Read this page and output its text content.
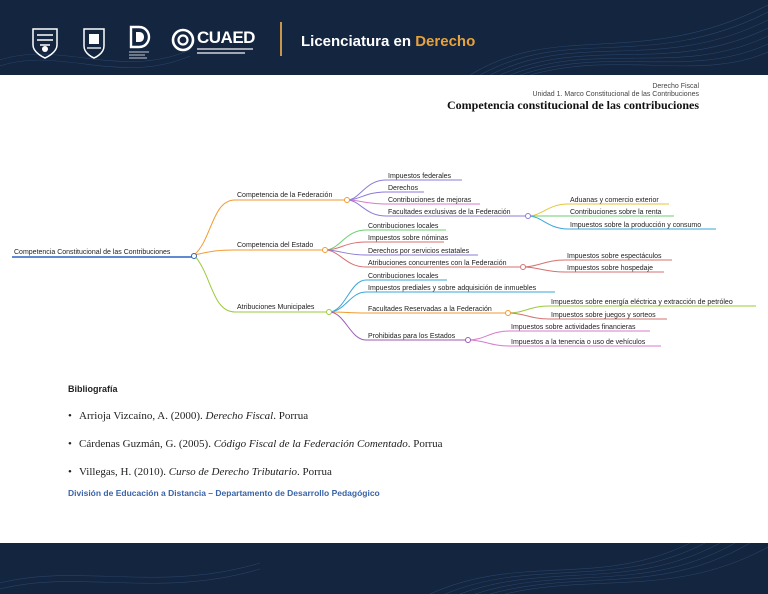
CUAED	Licenciatura en Derecho
Derecho Fiscal
Unidad 1. Marco Constitucional de las Contribuciones
Competencia constitucional de las contribuciones
Competencia Constitucional de las Contribuciones
Competencia de la Federación
Competencia del Estado
Atribuciones Municipales
Impuestos federales
Derechos
Contribuciones de mejoras
Facultades exclusivas de la Federación
Aduanas y comercio exterior
Contribuciones sobre la renta
Impuestos sobre la producción y consumo
Contribuciones locales
Impuestos sobre nóminas
Derechos por servicios estatales
Atribuciones concurrentes con la Federación
Impuestos sobre espectáculos
Impuestos sobre hospedaje
Contribuciones locales
Impuestos prediales y sobre adquisición de inmuebles
Facultades Reservadas a la Federación
Prohibidas para los Estados
Impuestos sobre energía eléctrica y extracción de petróleo
Impuestos sobre juegos y sorteos
Impuestos sobre actividades financieras
Impuestos a la tenencia o uso de vehículos
Bibliografía
• Arrioja Vizcaíno, A. (2000). Derecho Fiscal. Porrua
• Cárdenas Guzmán, G. (2005). Código Fiscal de la Federación Comentado. Porrua
• Villegas, H. (2010). Curso de Derecho Tributario. Porrua
División de Educación a Distancia – Departamento de Desarrollo Pedagógico
